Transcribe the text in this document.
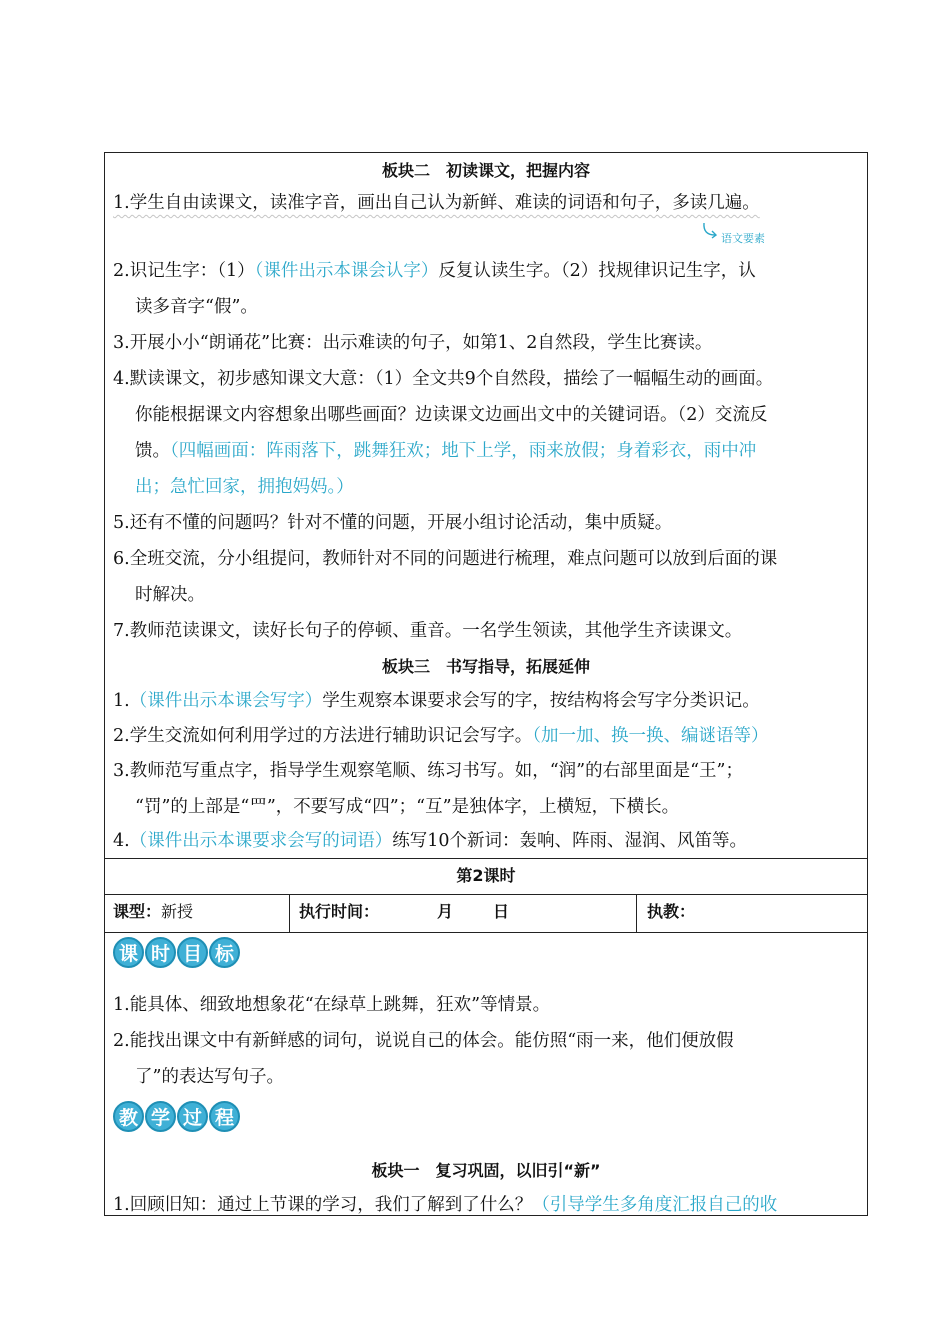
板块二　初读课文，把握内容
1.学生自由读课文，读准字音，画出自己认为新鲜、难读的词语和句子，多读几遍。
语文要素
2.识记生字：（1）（课件出示本课会认字）反复认读生字。（2）找规律识记生字，认
读多音字“假”。
3.开展小小“朗诵花”比赛：出示难读的句子，如第1、2自然段，学生比赛读。
4.默读课文，初步感知课文大意：（1）全文共9个自然段，描绘了一幅幅生动的画面。
你能根据课文内容想象出哪些画面？边读课文边画出文中的关键词语。（2）交流反
馈。（四幅画面：阵雨落下，跳舞狂欢；地下上学，雨来放假；身着彩衣，雨中冲
出；急忙回家，拥抱妈妈。）
5.还有不懂的问题吗？针对不懂的问题，开展小组讨论活动，集中质疑。
6.全班交流，分小组提问，教师针对不同的问题进行梳理，难点问题可以放到后面的课
时解决。
7.教师范读课文，读好长句子的停顿、重音。一名学生领读，其他学生齐读课文。
板块三　书写指导，拓展延伸
1.（课件出示本课会写字）学生观察本课要求会写的字，按结构将会写字分类识记。
2.学生交流如何利用学过的方法进行辅助识记会写字。（加一加、换一换、编谜语等）
3.教师范写重点字，指导学生观察笔顺、练习书写。如，“润”的右部里面是“王”；
“罚”的上部是“罒”，不要写成“四”；“互”是独体字，上横短，下横长。
4.（课件出示本课要求会写的词语）练写10个新词：轰响、阵雨、湿润、风笛等。
第2课时
课型：新授	执行时间：	月 日	执教：
课 时 目 标
1.能具体、细致地想象花“在绿草上跳舞，狂欢”等情景。
2.能找出课文中有新鲜感的词句，说说自己的体会。能仿照“雨一来，他们便放假
了”的表达写句子。
教 学 过 程
板块一　复习巩固，以旧引“新”
1.回顾旧知：通过上节课的学习，我们了解到了什么？（引导学生多角度汇报自己的收
